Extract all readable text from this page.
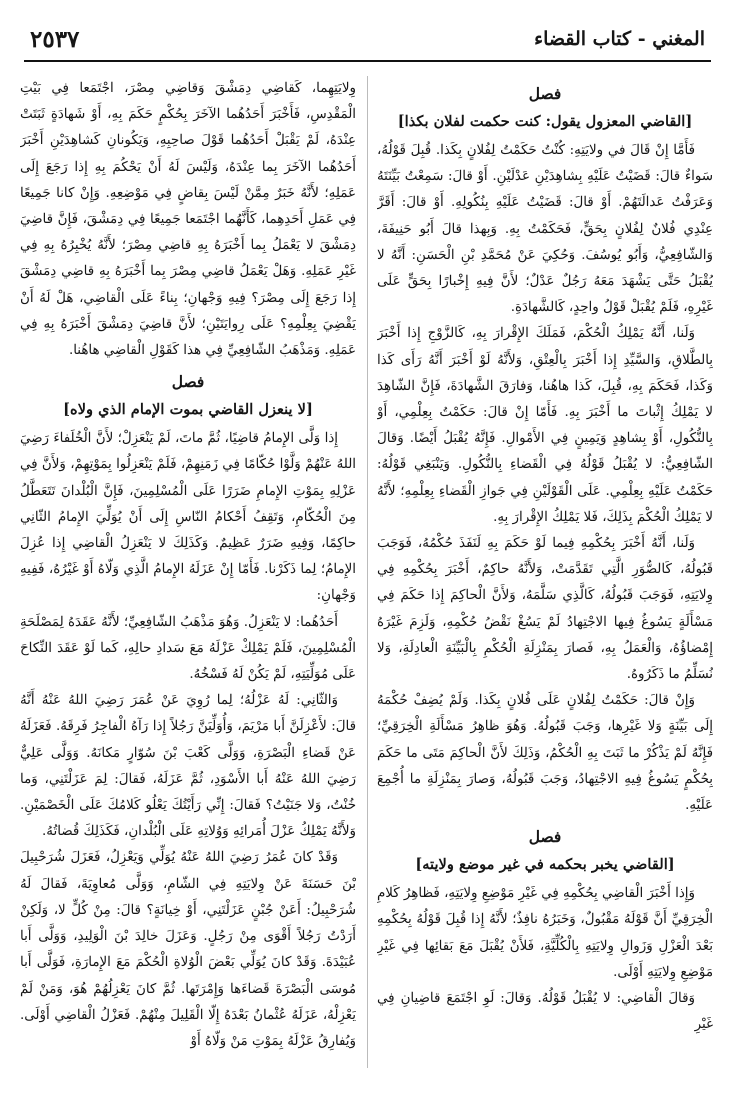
المغني - كتاب القضاء
٢٥٣٧
فصل
[القاضي المعزول يقول: كنت حكمت لفلان بكذا]

فَأَمَّا إِنْ قَالَ في ولايَتِهِ: كُنْتُ حَكَمْتُ لِفُلانٍ بِكَذا. قُبِلَ قَوْلُهُ، سَواءٌ قالَ: قَضَيْتُ عَلَيْهِ بِشاهِدَيْنِ عَدْلَيْنِ. أَوْ قالَ: سَمِعْتُ بَيِّنَتَهُ وَعَرَفْتُ عَدالَتَهُمْ. أَوْ قالَ: قَضَيْتُ عَلَيْهِ بِنُكُولِهِ. أَوْ قالَ: أَقَرَّ عِنْدِي فُلانٌ لِفُلانٍ بِحَقٍّ، فَحَكَمْتُ بِهِ. وَبِهذا قالَ أَبُو حَنِيفَةَ، وَالشّافِعِيُّ، وَأَبُو يُوسُفَ. وَحُكِيَ عَنْ مُحَمَّدِ بْنِ الْحَسَنِ: أَنَّهُ لا يُقْبَلُ حَتَّى يَشْهَدَ مَعَهُ رَجُلٌ عَدْلٌ؛ لأَنَّ فِيهِ إِخْبارًا بِحَقٍّ عَلَى غَيْرِهِ، فَلَمْ يُقْبَلْ قَوْلُ واحِدٍ، كَالشَّهادَةِ.

وَلَنا، أَنَّهُ يَمْلِكُ الْحُكْمَ، فَمَلَكَ الإِقْرارَ بِهِ، كَالزَّوْجِ إِذا أَخْبَرَ بِالطَّلاقِ، وَالسَّيِّدِ إِذا أَخْبَرَ بِالْعِتْقِ، وَلأَنَّهُ لَوْ أَخْبَرَ أَنَّهُ رَأَى كَذا وَكَذا، فَحَكَمَ بِهِ، قُبِلَ، كَذا هاهُنا، وَفارَقَ الشَّهادَةَ، فَإِنَّ الشّاهِدَ لا يَمْلِكُ إِثْباتَ ما أَخْبَرَ بِهِ. فَأَمّا إِنْ قالَ: حَكَمْتُ بِعِلْمِي، أَوْ بِالنُّكُولِ، أَوْ بِشاهِدٍ وَيَمِينٍ فِي الأَمْوالِ. فَإِنَّهُ يُقْبَلُ أَيْضًا. وَقالَ الشّافِعِيُّ: لا يُقْبَلُ قَوْلُهُ فِي الْقَضاءِ بِالنُّكُولِ. وَيَنْبَغِي قَوْلُهُ: حَكَمْتُ عَلَيْهِ بِعِلْمِي. عَلَى الْقَوْلَيْنِ فِي جَوازِ الْقَضاءِ بِعِلْمِهِ؛ لأَنَّهُ لا يَمْلِكُ الْحُكْمَ بِذَلِكَ، فَلا يَمْلِكُ الإِقْرارَ بِهِ.

وَلَنا، أَنَّهُ أَخْبَرَ بِحُكْمِهِ فِيما لَوْ حَكَمَ بِهِ لَنَفَذَ حُكْمُهُ، فَوَجَبَ قَبُولُهُ، كَالصُّوَرِ الَّتِي تَقَدَّمَتْ، وَلأَنَّهُ حاكِمٌ، أَخْبَرَ بِحُكْمِهِ فِي وِلايَتِهِ، فَوَجَبَ قَبُولُهُ، كَالَّذِي سَلَّمَهُ، وَلأَنَّ الْحاكِمَ إِذا حَكَمَ فِي مَسْأَلَةٍ يَسُوغُ فِيها الاجْتِهادُ لَمْ يَسُغْ نَقْضُ حُكْمِهِ، وَلَزِمَ غَيْرَهُ إِمْضاؤُهُ، وَالْعَمَلُ بِهِ، فَصارَ بِمَنْزِلَةِ الْحُكْمِ بِالْبَيِّنَةِ الْعادِلَةِ، وَلا نُسَلِّمُ ما ذَكَرُوهُ.

وَإِنْ قالَ: حَكَمْتُ لِفُلانٍ عَلَى فُلانٍ بِكَذا. وَلَمْ يُضِفْ حُكْمَهُ إِلَى بَيِّنَةٍ وَلا غَيْرِها، وَجَبَ قَبُولُهُ. وَهُوَ ظاهِرُ مَسْأَلَةِ الْخِرَقِيِّ؛ فَإِنَّهُ لَمْ يَذْكُرْ ما ثَبَتَ بِهِ الْحُكْمُ، وَذَلِكَ لأَنَّ الْحاكِمَ مَتَى ما حَكَمَ بِحُكْمٍ يَسُوغُ فِيهِ الاجْتِهادُ، وَجَبَ قَبُولُهُ، وَصارَ بِمَنْزِلَةِ ما أُجْمِعَ عَلَيْهِ.

فصل
[القاضي يخبر بحكمه في غير موضع ولايته]

وَإِذا أَخْبَرَ الْقاضِي بِحُكْمِهِ فِي غَيْرِ مَوْضِعِ وِلايَتِهِ، فَظاهِرُ كَلامِ الْخِرَقِيِّ أَنَّ قَوْلَهُ مَقْبُولٌ، وَخَبَرُهُ نافِذٌ؛ لأَنَّهُ إِذا قُبِلَ قَوْلُهُ بِحُكْمِهِ بَعْدَ الْعَزْلِ وَزَوالِ وِلايَتِهِ بِالْكُلِّيَّةِ، فَلأَنْ يُقْبَلَ مَعَ بَقائِها فِي غَيْرِ مَوْضِعِ وِلايَتِهِ أَوْلَى.

وَقالَ الْقاضِي: لا يُقْبَلُ قَوْلُهُ. وَقالَ: لَوِ اجْتَمَعَ قاضِيانِ فِي غَيْرِ

وِلايَتِهِما، كَقاضِي دِمَشْقَ وَقاضِي مِصْرَ، اجْتَمَعا فِي بَيْتِ الْمَقْدِسِ، فَأَخْبَرَ أَحَدُهُما الآخَرَ بِحُكْمٍ حَكَمَ بِهِ، أَوْ شَهادَةٍ ثَبَتَتْ عِنْدَهُ، لَمْ يَقْبَلْ أَحَدُهُما قَوْلَ صاحِبِهِ، وَيَكُونانِ كَشاهِدَيْنِ أَخْبَرَ أَحَدُهُما الآخَرَ بِما عِنْدَهُ، وَلَيْسَ لَهُ أَنْ يَحْكُمَ بِهِ إِذا رَجَعَ إِلَى عَمَلِهِ؛ لأَنَّهُ خَبَرٌ مِمَّنْ لَيْسَ بِقاضٍ فِي مَوْضِعِهِ. وَإِنْ كانا جَمِيعًا فِي عَمَلِ أَحَدِهِما، كَأَنَّهُما اجْتَمَعا جَمِيعًا فِي دِمَشْقَ، فَإِنَّ قاضِيَ دِمَشْقَ لا يَعْمَلُ بِما أَخْبَرَهُ بِهِ قاضِي مِصْرَ؛ لأَنَّهُ يُخْبِرُهُ بِهِ فِي غَيْرِ عَمَلِهِ. وَهَلْ يَعْمَلُ قاضِي مِصْرَ بِما أَخْبَرَهُ بِهِ قاضِي دِمَشْقَ إِذا رَجَعَ إِلَى مِصْرَ؟ فِيهِ وَجْهانِ؛ بِناءً عَلَى الْقاضِي، هَلْ لَهُ أَنْ يَقْضِيَ بِعِلْمِهِ؟ عَلَى رِوايَتَيْنِ؛ لأَنَّ قاضِيَ دِمَشْقَ أَخْبَرَهُ بِهِ فِي عَمَلِهِ. وَمَذْهَبُ الشّافِعِيِّ فِي هذا كَقَوْلِ الْقاضِي هاهُنا.

فصل
[لا ينعزل القاضي بموت الإمام الذي ولاه]

إِذا وَلَّى الإِمامُ قاضِيًا، ثُمَّ ماتَ، لَمْ يَنْعَزِلْ؛ لأَنَّ الْخُلَفاءَ رَضِيَ اللهُ عَنْهُمْ وَلَّوْا حُكّامًا فِي زَمَنِهِمْ، فَلَمْ يَنْعَزِلُوا بِمَوْتِهِمْ، وَلأَنَّ فِي عَزْلِهِ بِمَوْتِ الإِمامِ ضَرَرًا عَلَى الْمُسْلِمِينَ، فَإِنَّ الْبُلْدانَ تَتَعَطَّلُ مِنَ الْحُكّامِ، وَتَقِفُ أَحْكامُ النّاسِ إِلَى أَنْ يُوَلِّيَ الإِمامُ الثّانِي حاكِمًا، وَفِيهِ ضَرَرٌ عَظِيمٌ. وَكَذَلِكَ لا يَنْعَزِلُ الْقاضِي إِذا عُزِلَ الإِمامُ؛ لِما ذَكَرْنا. فَأَمّا إِنْ عَزَلَهُ الإِمامُ الَّذِي وَلّاهُ أَوْ غَيْرُهُ، فَفِيهِ وَجْهانِ:

أَحَدُهُما: لا يَنْعَزِلُ. وَهُوَ مَذْهَبُ الشّافِعِيِّ؛ لأَنَّهُ عَقَدَهُ لِمَصْلَحَةِ الْمُسْلِمِينَ، فَلَمْ يَمْلِكْ عَزْلَهُ مَعَ سَدادِ حالِهِ، كَما لَوْ عَقَدَ النِّكاحَ عَلَى مُوَلِّيَتِهِ، لَمْ يَكُنْ لَهُ فَسْخُهُ.

وَالثّانِي: لَهُ عَزْلُهُ؛ لِما رُوِيَ عَنْ عُمَرَ رَضِيَ اللهُ عَنْهُ أَنَّهُ قالَ: لأَعْزِلَنَّ أَبا مَرْيَمَ، وَأُوَلِّيَنَّ رَجُلاً إِذا رَآهُ الْفاجِرُ فَرِقَهُ. فَعَزَلَهُ عَنْ قَضاءِ الْبَصْرَةِ، وَوَلَّى كَعْبَ بْنَ سُوّارٍ مَكانَهُ. وَوَلَّى عَلِيٌّ رَضِيَ اللهُ عَنْهُ أَبا الأَسْوَدِ، ثُمَّ عَزَلَهُ، فَقالَ: لِمَ عَزَلْتَنِي، وَما خُنْتُ، وَلا جَنَيْتُ؟ فَقالَ: إِنِّي رَأَيْتُكَ يَعْلُو كَلامُكَ عَلَى الْخَصْمَيْنِ. وَلأَنَّهُ يَمْلِكُ عَزْلَ أُمَرائِهِ وَوُلاتِهِ عَلَى الْبُلْدانِ، فَكَذَلِكَ قُضاتُهُ.

وَقَدْ كانَ عُمَرُ رَضِيَ اللهُ عَنْهُ يُوَلِّي وَيَعْزِلُ، فَعَزَلَ شُرَحْبِيلَ بْنَ حَسَنَةَ عَنْ وِلايَتِهِ فِي الشّامِ، وَوَلَّى مُعاوِيَةَ، فَقالَ لَهُ شُرَحْبِيلُ: أَعَنْ جُبْنٍ عَزَلْتَنِي، أَوْ خِيانَةٍ؟ قالَ: مِنْ كُلٍّ لا، وَلَكِنْ أَرَدْتُ رَجُلاً أَقْوَى مِنْ رَجُلٍ. وَعَزَلَ خالِدَ بْنَ الْوَلِيدِ، وَوَلَّى أَبا عُبَيْدَةَ. وَقَدْ كانَ يُوَلِّي بَعْضَ الْوُلاةِ الْحُكْمَ مَعَ الإِمارَةِ، فَوَلَّى أَبا مُوسَى الْبَصْرَةَ قَضاءَها وَإِمْرَتَها. ثُمَّ كانَ يَعْزِلُهُمْ هُوَ، وَمَنْ لَمْ يَعْزِلْهُ، عَزَلَهُ عُثْمانُ بَعْدَهُ إِلّا الْقَلِيلَ مِنْهُمْ. فَعَزْلُ الْقاضِي أَوْلَى. وَيُفارِقُ عَزْلَهُ بِمَوْتِ مَنْ وَلّاهُ أَوْ
